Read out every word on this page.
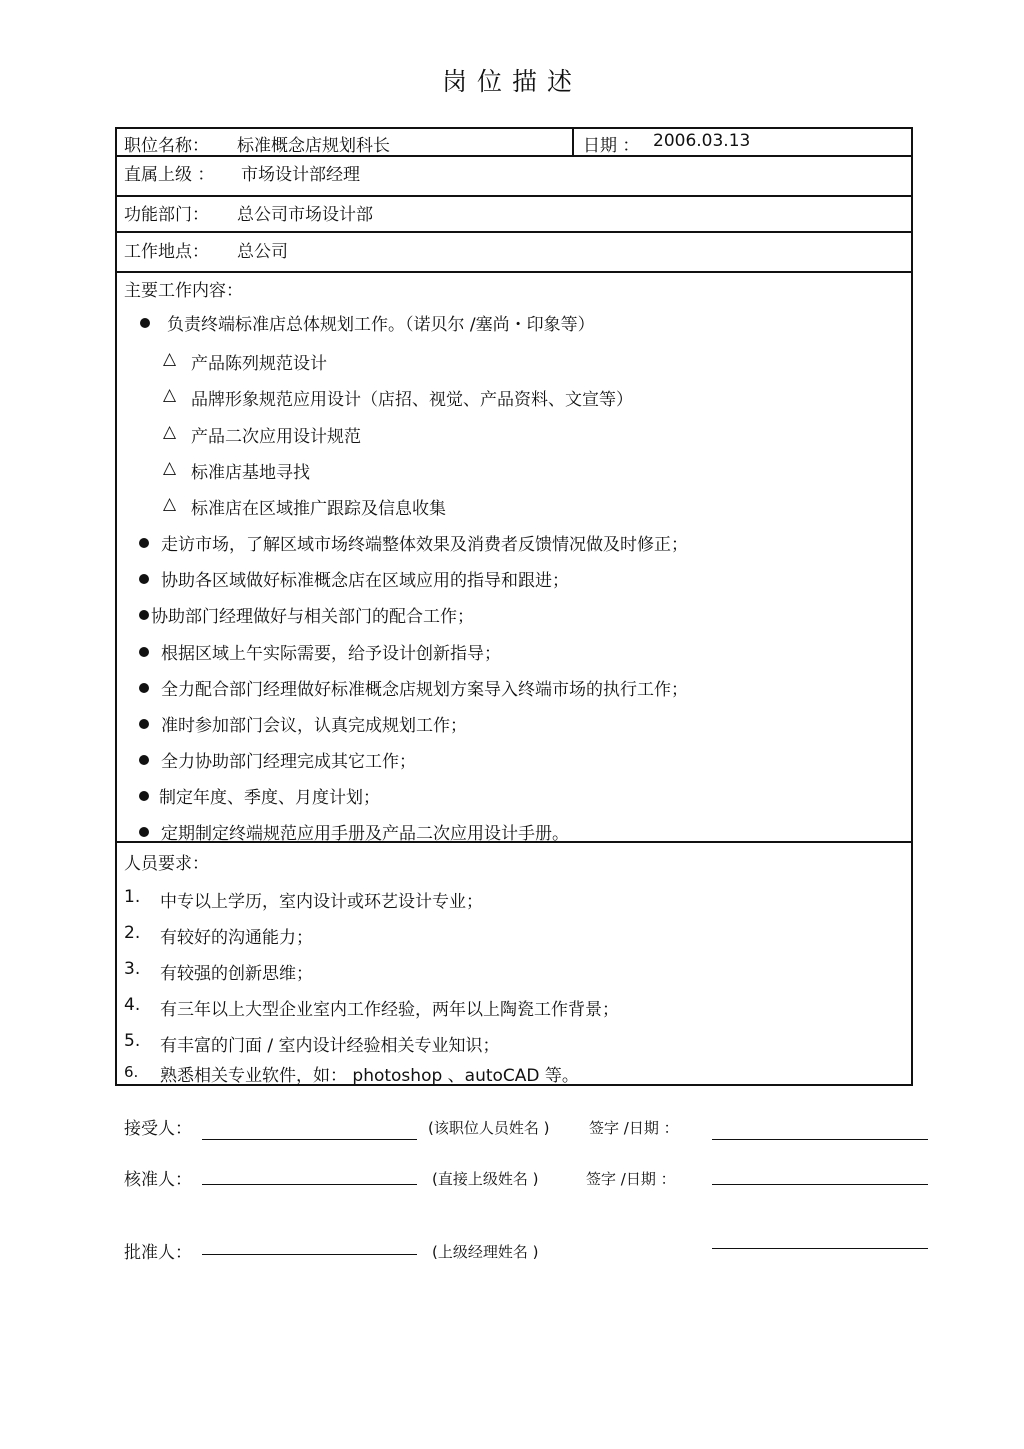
岗位描述
职位名称： 标准概念店规划科长	日期 ： 2006.03.13
直属上级 ： 市场设计部经理
功能部门： 总公司市场设计部
工作地点： 总公司
主要工作内容：
负责终端标准店总体规划工作。（诺贝尔 /塞尚・印象等）
△ 产品陈列规范设计
△ 品牌形象规范应用设计（店招、视觉、产品资料、文宣等）
△ 产品二次应用设计规范
△ 标准店基地寻找
△ 标准店在区域推广跟踪及信息收集
走访市场，了解区域市场终端整体效果及消费者反馈情况做及时修正；
协助各区域做好标准概念店在区域应用的指导和跟进；
协助部门经理做好与相关部门的配合工作；
根据区域上午实际需要，给予设计创新指导；
全力配合部门经理做好标准概念店规划方案导入终端市场的执行工作；
准时参加部门会议，认真完成规划工作；
全力协助部门经理完成其它工作；
制定年度、季度、月度计划；
定期制定终端规范应用手册及产品二次应用设计手册。
人员要求：
1. 中专以上学历，室内设计或环艺设计专业；
2. 有较好的沟通能力；
3. 有较强的创新思维；
4. 有三年以上大型企业室内工作经验，两年以上陶瓷工作背景；
5. 有丰富的门面 / 室内设计经验相关专业知识；
6. 熟悉相关专业软件，如： photoshop 、autoCAD 等。
接受人：	(该职位人员姓名 )	签字 /日期 ：
核准人：	(直接上级姓名 )	签字 /日期 ：
批准人：	(上级经理姓名 )
